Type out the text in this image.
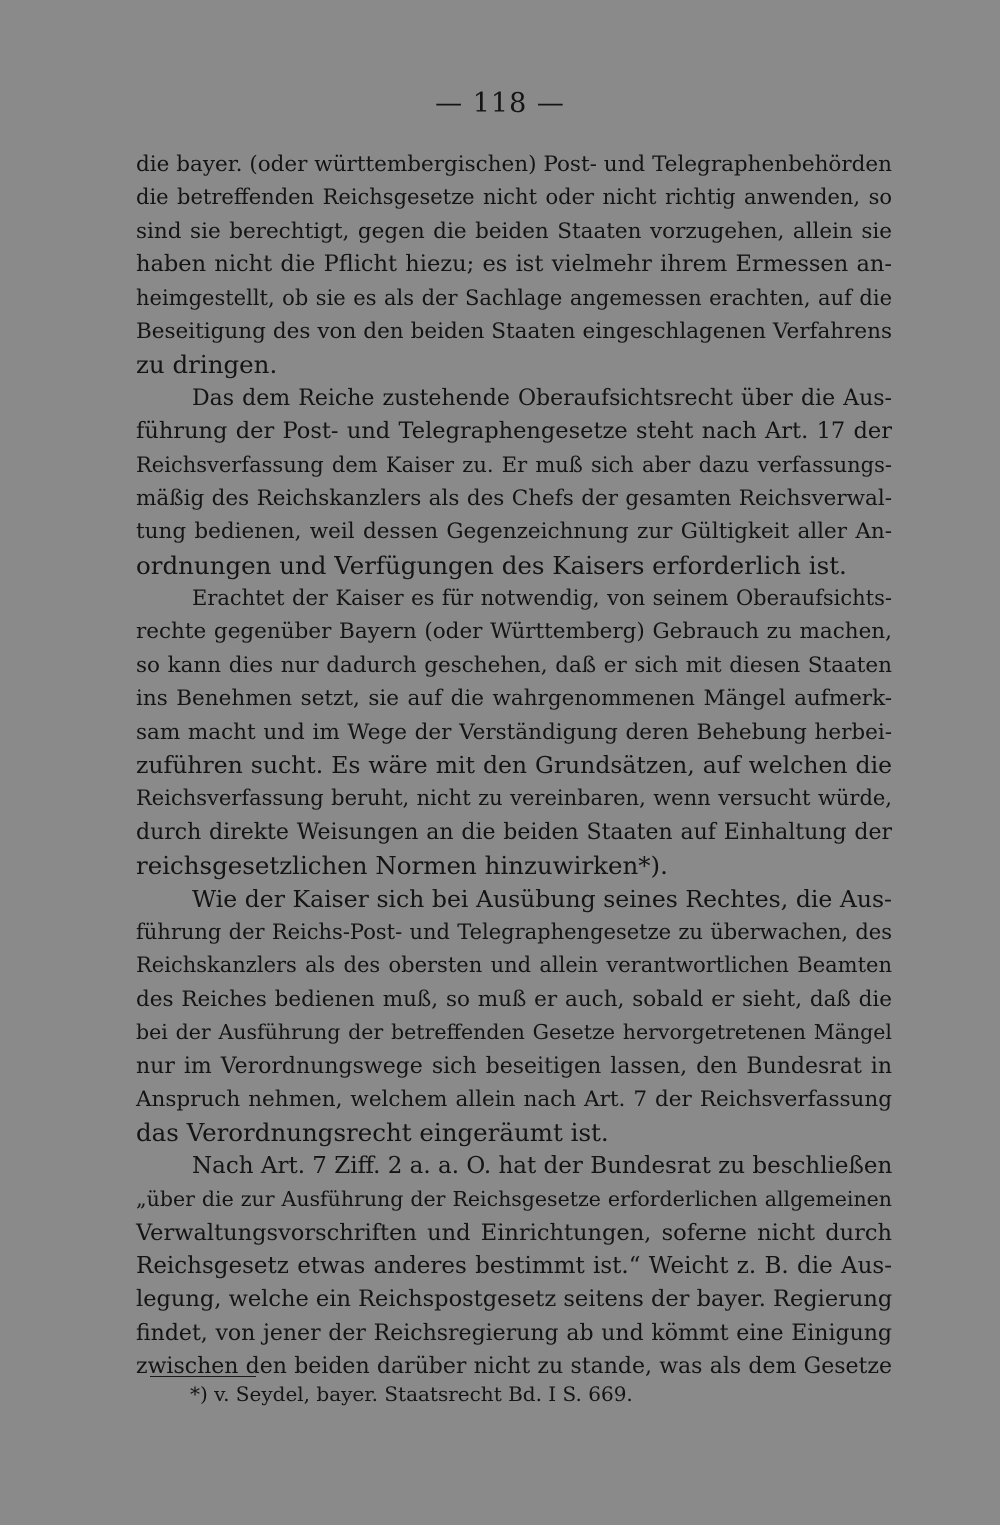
— 118 —
die bayer. (oder württembergischen) Post- und Telegraphenbehörden
die betreffenden Reichsgesetze nicht oder nicht richtig anwenden, so
sind sie berechtigt, gegen die beiden Staaten vorzugehen, allein sie
haben nicht die Pflicht hiezu; es ist vielmehr ihrem Ermessen an-
heimgestellt, ob sie es als der Sachlage angemessen erachten, auf die
Beseitigung des von den beiden Staaten eingeschlagenen Verfahrens
zu dringen.
Das dem Reiche zustehende Oberaufsichtsrecht über die Aus-
führung der Post- und Telegraphengesetze steht nach Art. 17 der
Reichsverfassung dem Kaiser zu. Er muß sich aber dazu verfassungs-
mäßig des Reichskanzlers als des Chefs der gesamten Reichsverwal-
tung bedienen, weil dessen Gegenzeichnung zur Gültigkeit aller An-
ordnungen und Verfügungen des Kaisers erforderlich ist.
Erachtet der Kaiser es für notwendig, von seinem Oberaufsichts-
rechte gegenüber Bayern (oder Württemberg) Gebrauch zu machen,
so kann dies nur dadurch geschehen, daß er sich mit diesen Staaten
ins Benehmen setzt, sie auf die wahrgenommenen Mängel aufmerk-
sam macht und im Wege der Verständigung deren Behebung herbei-
zuführen sucht. Es wäre mit den Grundsätzen, auf welchen die
Reichsverfassung beruht, nicht zu vereinbaren, wenn versucht würde,
durch direkte Weisungen an die beiden Staaten auf Einhaltung der
reichsgesetzlichen Normen hinzuwirken*).
Wie der Kaiser sich bei Ausübung seines Rechtes, die Aus-
führung der Reichs-Post- und Telegraphengesetze zu überwachen, des
Reichskanzlers als des obersten und allein verantwortlichen Beamten
des Reiches bedienen muß, so muß er auch, sobald er sieht, daß die
bei der Ausführung der betreffenden Gesetze hervorgetretenen Mängel
nur im Verordnungswege sich beseitigen lassen, den Bundesrat in
Anspruch nehmen, welchem allein nach Art. 7 der Reichsverfassung
das Verordnungsrecht eingeräumt ist.
Nach Art. 7 Ziff. 2 a. a. O. hat der Bundesrat zu beschließen
„über die zur Ausführung der Reichsgesetze erforderlichen allgemeinen
Verwaltungsvorschriften und Einrichtungen, soferne nicht durch
Reichsgesetz etwas anderes bestimmt ist.“ Weicht z. B. die Aus-
legung, welche ein Reichspostgesetz seitens der bayer. Regierung
findet, von jener der Reichsregierung ab und kömmt eine Einigung
zwischen den beiden darüber nicht zu stande, was als dem Gesetze
*) v. Seydel, bayer. Staatsrecht Bd. I S. 669.
